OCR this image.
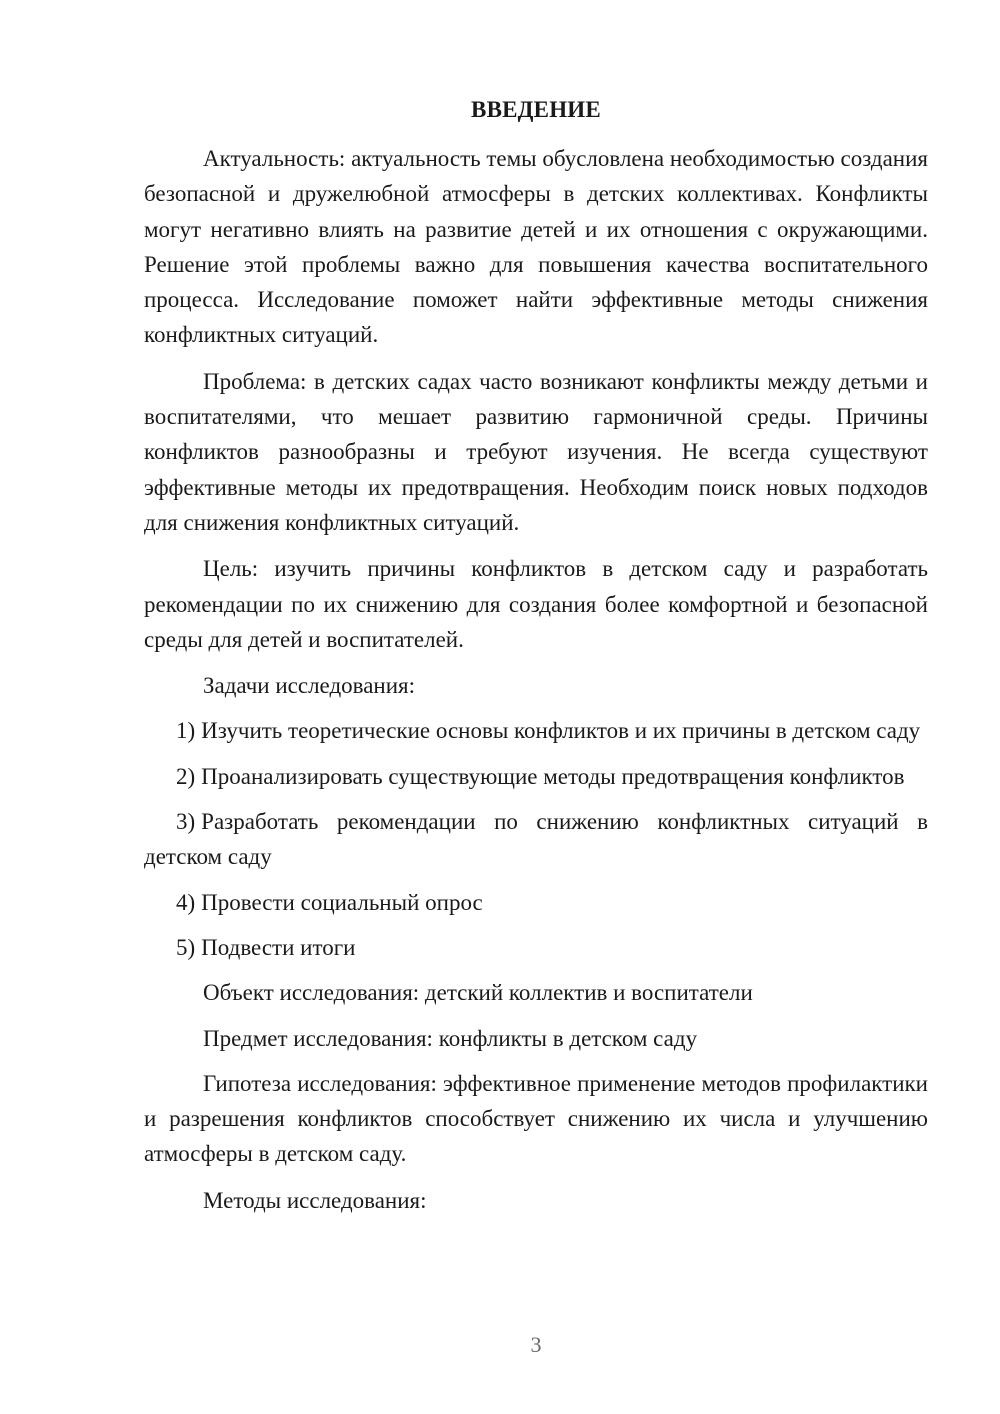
ВВЕДЕНИЕ

Актуальность: актуальность темы обусловлена необходимостью создания безопасной и дружелюбной атмосферы в детских коллективах. Конфликты могут негативно влиять на развитие детей и их отношения с окружающими. Решение этой проблемы важно для повышения качества воспитательного процесса. Исследование поможет найти эффективные методы снижения конфликтных ситуаций.

Проблема: в детских садах часто возникают конфликты между детьми и воспитателями, что мешает развитию гармоничной среды. Причины конфликтов разнообразны и требуют изучения. Не всегда существуют эффективные методы их предотвращения. Необходим поиск новых подходов для снижения конфликтных ситуаций.

Цель: изучить причины конфликтов в детском саду и разработать рекомендации по их снижению для создания более комфортной и безопасной среды для детей и воспитателей.

Задачи исследования:

1) Изучить теоретические основы конфликтов и их причины в детском саду

2) Проанализировать существующие методы предотвращения конфликтов

3) Разработать рекомендации по снижению конфликтных ситуаций в детском саду

4) Провести социальный опрос

5) Подвести итоги

Объект исследования: детский коллектив и воспитатели

Предмет исследования: конфликты в детском саду

Гипотеза исследования: эффективное применение методов профилактики и разрешения конфликтов способствует снижению их числа и улучшению атмосферы в детском саду.

Методы исследования:

3
